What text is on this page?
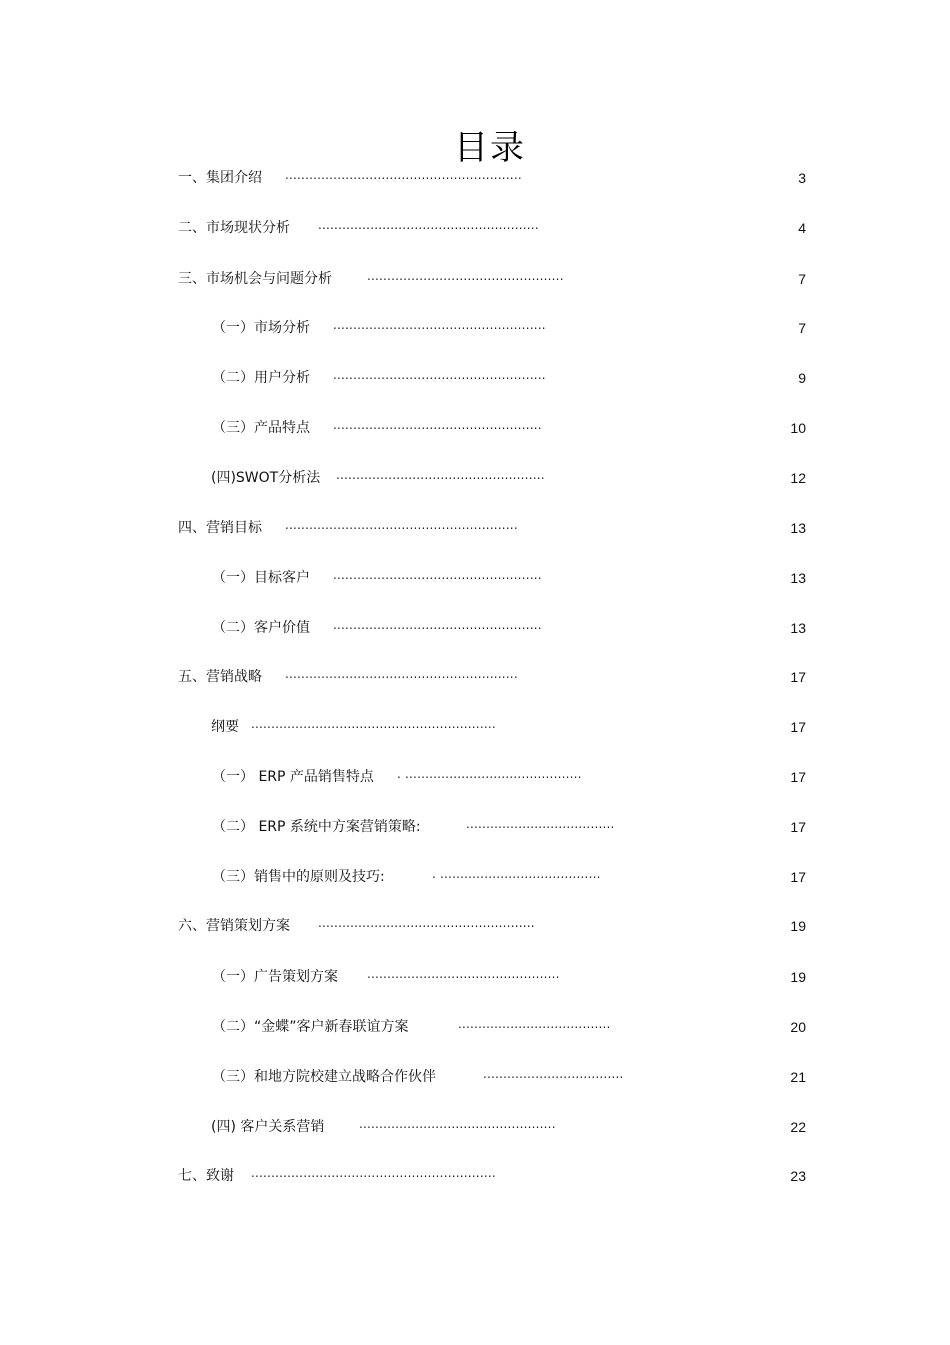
目录
一、集团介绍 ...........................................................	3
二、市场现状分析 .......................................................	4
三、市场机会与问题分析	.................................................	7
（一）市场分析 .....................................................	7
（二）用户分析 .....................................................	9
（三）产品特点 ....................................................	10
(四)SWOT分析法 ....................................................	12
四、营销目标 ..........................................................	13
（一）目标客户 ....................................................	13
（二）客户价值 ....................................................	13
五、营销战略 ..........................................................	17
纲要 .............................................................	17
（一） ERP 产品销售特点 . ............................................	17
（二） ERP 系统中方案营销策略:	.....................................	17
（三）销售中的原则及技巧:	. ........................................	17
六、营销策划方案 ......................................................	19
（一）广告策划方案 ................................................	19
（二）“金蝶”客户新春联谊方案	......................................	20
（三）和地方院校建立战略合作伙伴	...................................	21
(四) 客户关系营销	.................................................	22
七、致谢 .............................................................	23
